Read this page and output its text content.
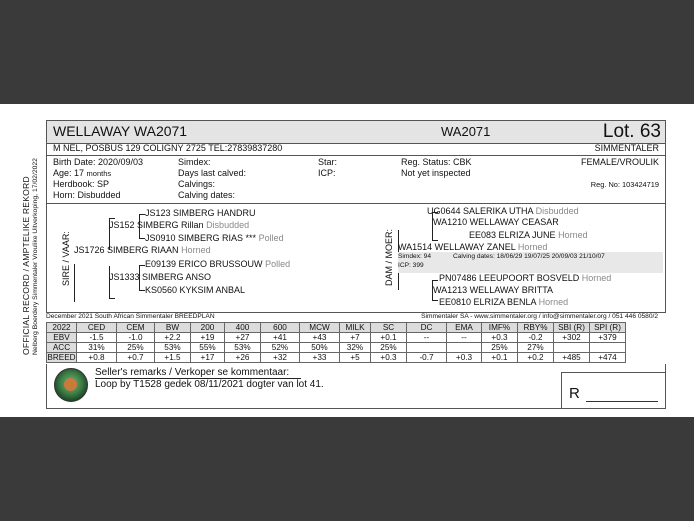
OFFICIAL RECORD / AMPTELIKE REKORD Nelberg Boerdery Simmentaler Vroulike Uitverkoping, 17/02/2022
WELLAWAY WA2071	WA2071	Lot. 63
M NEL, POSBUS 129 COLIGNY 2725 TEL:27839837280	SIMMENTALER
Birth Date: 2020/09/03
Age: 17 months
Herdbook: SP
Horn: Disbudded
Simdex:
Days last calved:
Calvings:
Calving dates:
Star:
ICP:
Reg. Status: CBK
Not yet inspected
FEMALE/VROULIK
Reg. No: 103424719
SIRE / VAAR:
JS123 SIMBERG HANDRU
JS152 SIMBERG Rillan Disbudded
JS0910 SIMBERG RIAS *** Polled
JS1726 SIMBERG RIAAN Horned
E09139 ERICO BRUSSOUW Polled
JS1333 SIMBERG ANSO
KS0560 KYKSIM ANBAL
DAM / MOER:
UG0644 SALERIKA UTHA Disbudded
WA1210 WELLAWAY CEASAR
EE083 ELRIZA JUNE Horned
WA1514 WELLAWAY ZANEL Horned
Simdex: 94	Calving dates: 18/06/29 19/07/25 20/09/03 21/10/07
ICP: 399
PN07486 LEEUPOORT BOSVELD Horned
WA1213 WELLAWAY BRITTA
EE0810 ELRIZA BENLA Horned
December 2021 South African Simmentaler BREEDPLAN	Simmentaler SA - www.simmentaler.org / info@simmentaler.org / 051 446 0580/2
2022	CED	CEM	BW	200	400	600	MCW	MILK	SC	DC	EMA	IMF%	RBY%	SBI (R)	SPI (R)
EBV	-1.5	-1.0	+2.2	+19	+27	+41	+43	+7	+0.1	--	--	+0.3	-0.2	+302	+379
ACC	31%	25%	53%	55%	53%	52%	50%	32%	25%			25%	27%		
BREED	+0.8	+0.7	+1.5	+17	+26	+32	+33	+5	+0.3	-0.7	+0.3	+0.1	+0.2	+485	+474
Seller's remarks / Verkoper se kommentaar:
Loop by T1528 gedek 08/11/2021 dogter van lot 41.
R
